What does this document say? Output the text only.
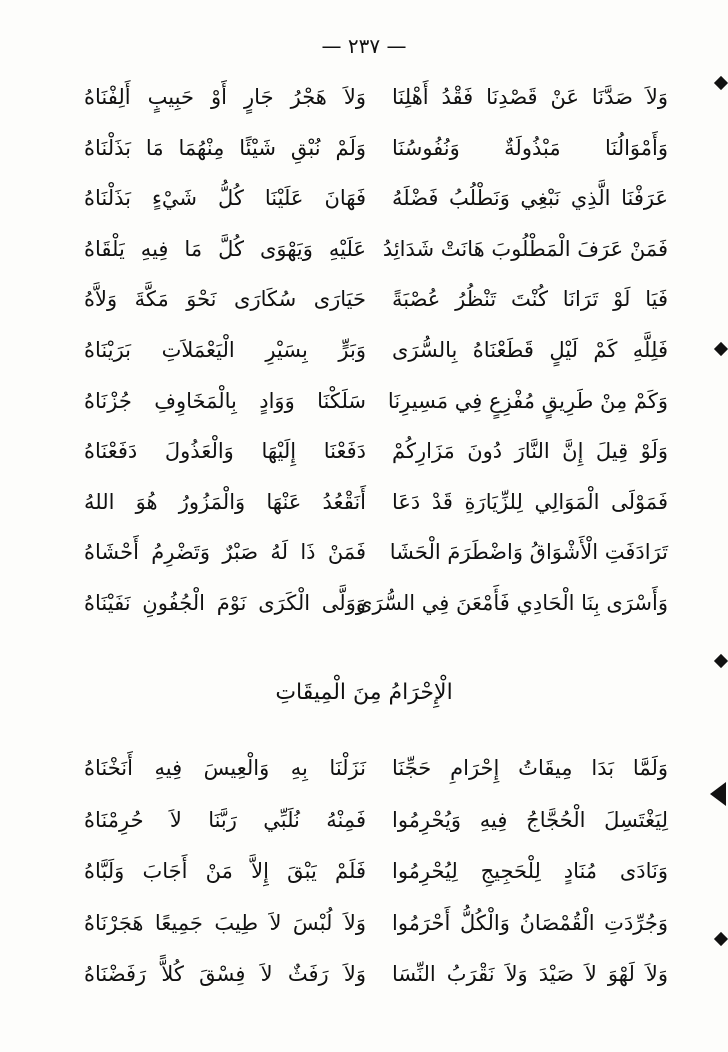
— ٢٣٧ —
وَلاَ صَدَّنَا عَنْ قَصْدِنَا فَقْدُ أَهْلِنَا
وَلاَ هَجْرُ جَارٍ أَوْ حَبِيبٍ أَلِفْنَاهُ
وَأَمْوَالُنَا مَبْذُولَةٌ وَنُفُوسُنَا
وَلَمْ نُبْقِ شَيْئًا مِنْهُمَا مَا بَذَلْنَاهُ
عَرَفْنَا الَّذِي نَبْغِي وَنَطْلُبُ فَضْلَهُ
فَهَانَ عَلَيْنَا كُلُّ شَيْءٍ بَذَلْنَاهُ
فَمَنْ عَرَفَ الْمَطْلُوبَ هَانَتْ شَدَائِدُ
عَلَيْهِ وَيَهْوَى كُلَّ مَا فِيهِ يَلْقَاهُ
فَيَا لَوْ تَرَانَا كُنْتَ تَنْظُرُ عُصْبَةً
حَيَارَى سُكَارَى نَحْوَ مَكَّةَ وَلاَّهُ
فَلِلَّهِ كَمْ لَيْلٍ قَطَعْنَاهُ بِالسُّرَى
وَبَرٍّ بِسَيْرِ الْيَعْمَلاَتِ بَرَيْنَاهُ
وَكَمْ مِنْ طَرِيقٍ مُفْزِعٍ فِي مَسِيرِنَا
سَلَكْنَا وَوَادٍ بِالْمَخَاوِفِ جُزْنَاهُ
وَلَوْ قِيلَ إِنَّ النَّارَ دُونَ مَزَارِكُمْ
دَفَعْنَا إِلَيْهَا وَالْعَذُولَ دَفَعْنَاهُ
فَمَوْلَى الْمَوَالِي لِلزِّيَارَةِ قَدْ دَعَا
أَنَقْعُدُ عَنْهَا وَالْمَزُورُ هُوَ اللهُ
تَرَادَفَتِ الْأَشْوَاقُ وَاضْطَرَمَ الْحَشَا
فَمَنْ ذَا لَهُ صَبْرٌ وَتَضْرِمُ أَحْشَاهُ
وَأَسْرَى بِنَا الْحَادِي فَأَمْعَنَ فِي السُّرَى
وَوَلَّى الْكَرَى نَوْمَ الْجُفُونِ نَفَيْنَاهُ
الْإِحْرَامُ مِنَ الْمِيقَاتِ
وَلَمَّا بَدَا مِيقَاتُ إِحْرَامِ حَجِّنَا
نَزَلْنَا بِهِ وَالْعِيسَ فِيهِ أَنَخْنَاهُ
لِيَغْتَسِلَ الْحُجَّاجُ فِيهِ وَيُحْرِمُوا
فَمِنْهُ نُلَبِّي رَبَّنَا لاَ حُرِمْنَاهُ
وَنَادَى مُنَادٍ لِلْحَجِيجِ لِيُحْرِمُوا
فَلَمْ يَبْقَ إِلاَّ مَنْ أَجَابَ وَلَبَّاهُ
وَجُرِّدَتِ الْقُمْصَانُ وَالْكُلُّ أَحْرَمُوا
وَلاَ لُبْسَ لاَ طِيبَ جَمِيعًا هَجَرْنَاهُ
وَلاَ لَهْوَ لاَ صَيْدَ وَلاَ نَقْرَبُ النِّسَا
وَلاَ رَفَثٌ لاَ فِسْقَ كُلاًّ رَفَضْنَاهُ
